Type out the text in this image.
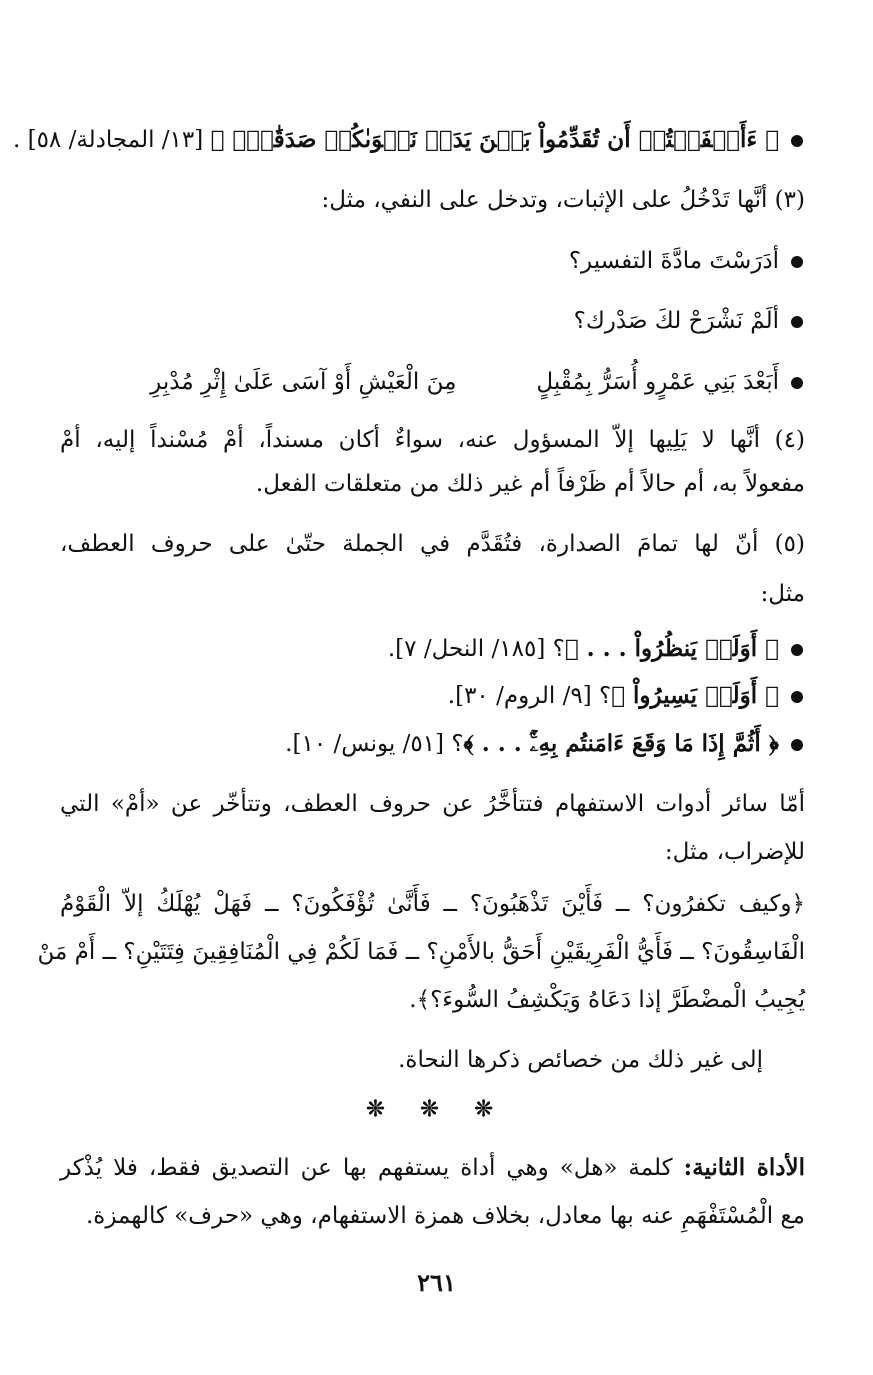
﴿ ءَأَشۡفَقۡتُمۡ أَن تُقَدِّمُواْ بَيۡنَ يَدَيۡ نَجۡوَىٰكُمۡ صَدَقَٰتٖۚ ﴾ [١٣/ المجادلة/ ٥٨] .
(٣) أنَّها تَدْخُلُ على الإثبات، وتدخل على النفي، مثل:
أدَرَسْتَ مادَّةَ التفسير؟
ألَمْ نَشْرَحْ لكَ صَدْرك؟
أَبَعْدَ بَنِي عَمْرٍو أُسَرُّ بِمُقْبِلٍمِنَ الْعَيْشِ أَوْ آسَى عَلَىٰ إِثْرِ مُدْبِرِ
(٤) أنَّها لا يَلِيها إلاّ المسؤول عنه، سواءٌ أكان مسنداً، أمْ مُسْنداً إليه، أمْ
مفعولاً به، أم حالاً أم ظَرْفاً أم غير ذلك من متعلقات الفعل.
(٥) أنّ لها تمامَ الصدارة، فتُقَدَّم في الجملة حتّىٰ على حروف العطف،
مثل:
﴿ أَوَلَمۡ يَنظُرُواْ . . . ﴾؟ [١٨٥/ النحل/ ٧].
﴿ أَوَلَمۡ يَسِيرُواْ ﴾؟ [٩/ الروم/ ٣٠].
﴿ أَثُمَّ إِذَا مَا وَقَعَ ءَامَنتُم بِهِۦٓۚ . . . ﴾؟ [٥١/ يونس/ ١٠].
أمّا سائر أدوات الاستفهام فتتأخَّرُ عن حروف العطف، وتتأخّر عن «أمْ» التي
للإضراب، مثل:
﴿وكيف تكفرُون؟ ــ فَأَيْنَ تَذْهَبُونَ؟ ــ فَأَنَّىٰ تُؤْفَكُونَ؟ ــ فَهَلْ يُهْلَكُ إلاّ الْقَوْمُ
الْفَاسِقُونَ؟ ــ فَأَيُّ الْفَرِيقَيْنِ أَحَقُّ بالأَمْنِ؟ ــ فَمَا لَكُمْ فِي الْمُنَافِقِينَ فِتَتَيْنِ؟ ــ أَمْ مَنْ
يُجِيبُ الْمضْطَرَّ إذا دَعَاهُ وَيَكْشِفُ السُّوءَ؟﴾.
إلى غير ذلك من خصائص ذكرها النحاة.
❊ ❊ ❊
الأداة الثانية: كلمة «هل» وهي أداة يستفهم بها عن التصديق فقط، فلا يُذْكر
مع الْمُسْتَفْهَمِ عنه بها معادل، بخلاف همزة الاستفهام، وهي «حرف» كالهمزة.
٢٦١
